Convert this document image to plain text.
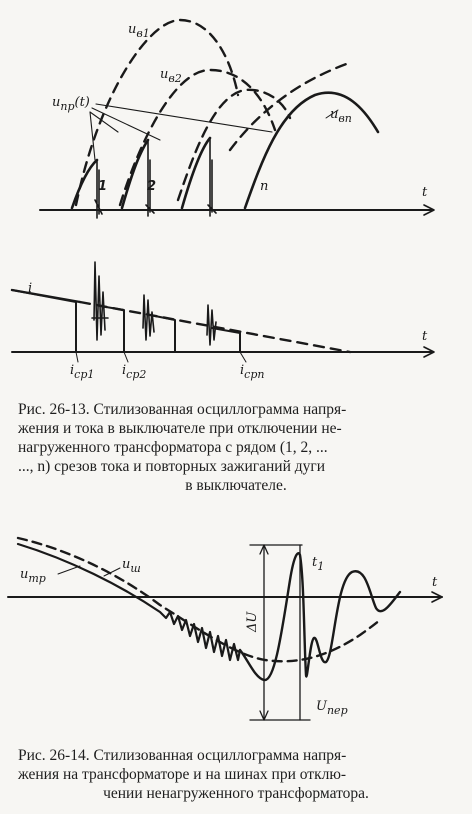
$u_{в1}$
$u_{в2}$
$u_{пр}(t)$
$u_{вn}$
t
1	2	n
i
t
$i_{ср1}$ $i_{ср2}$	$i_{срn}$
Рис. 26-13. Стилизованная осциллограмма напря-
жения и тока в выключателе при отключении не-
нагруженного трансформатора с рядом (1, 2, ...
..., n) срезов тока и повторных зажиганий дуги
в выключателе.
$u_{тр}$
$u_ш$
t
$t_1$
ΔU
$U_{пер}$
Рис. 26-14. Стилизованная осциллограмма напря-
жения на трансформаторе и на шинах при отклю-
чении ненагруженного трансформатора.
